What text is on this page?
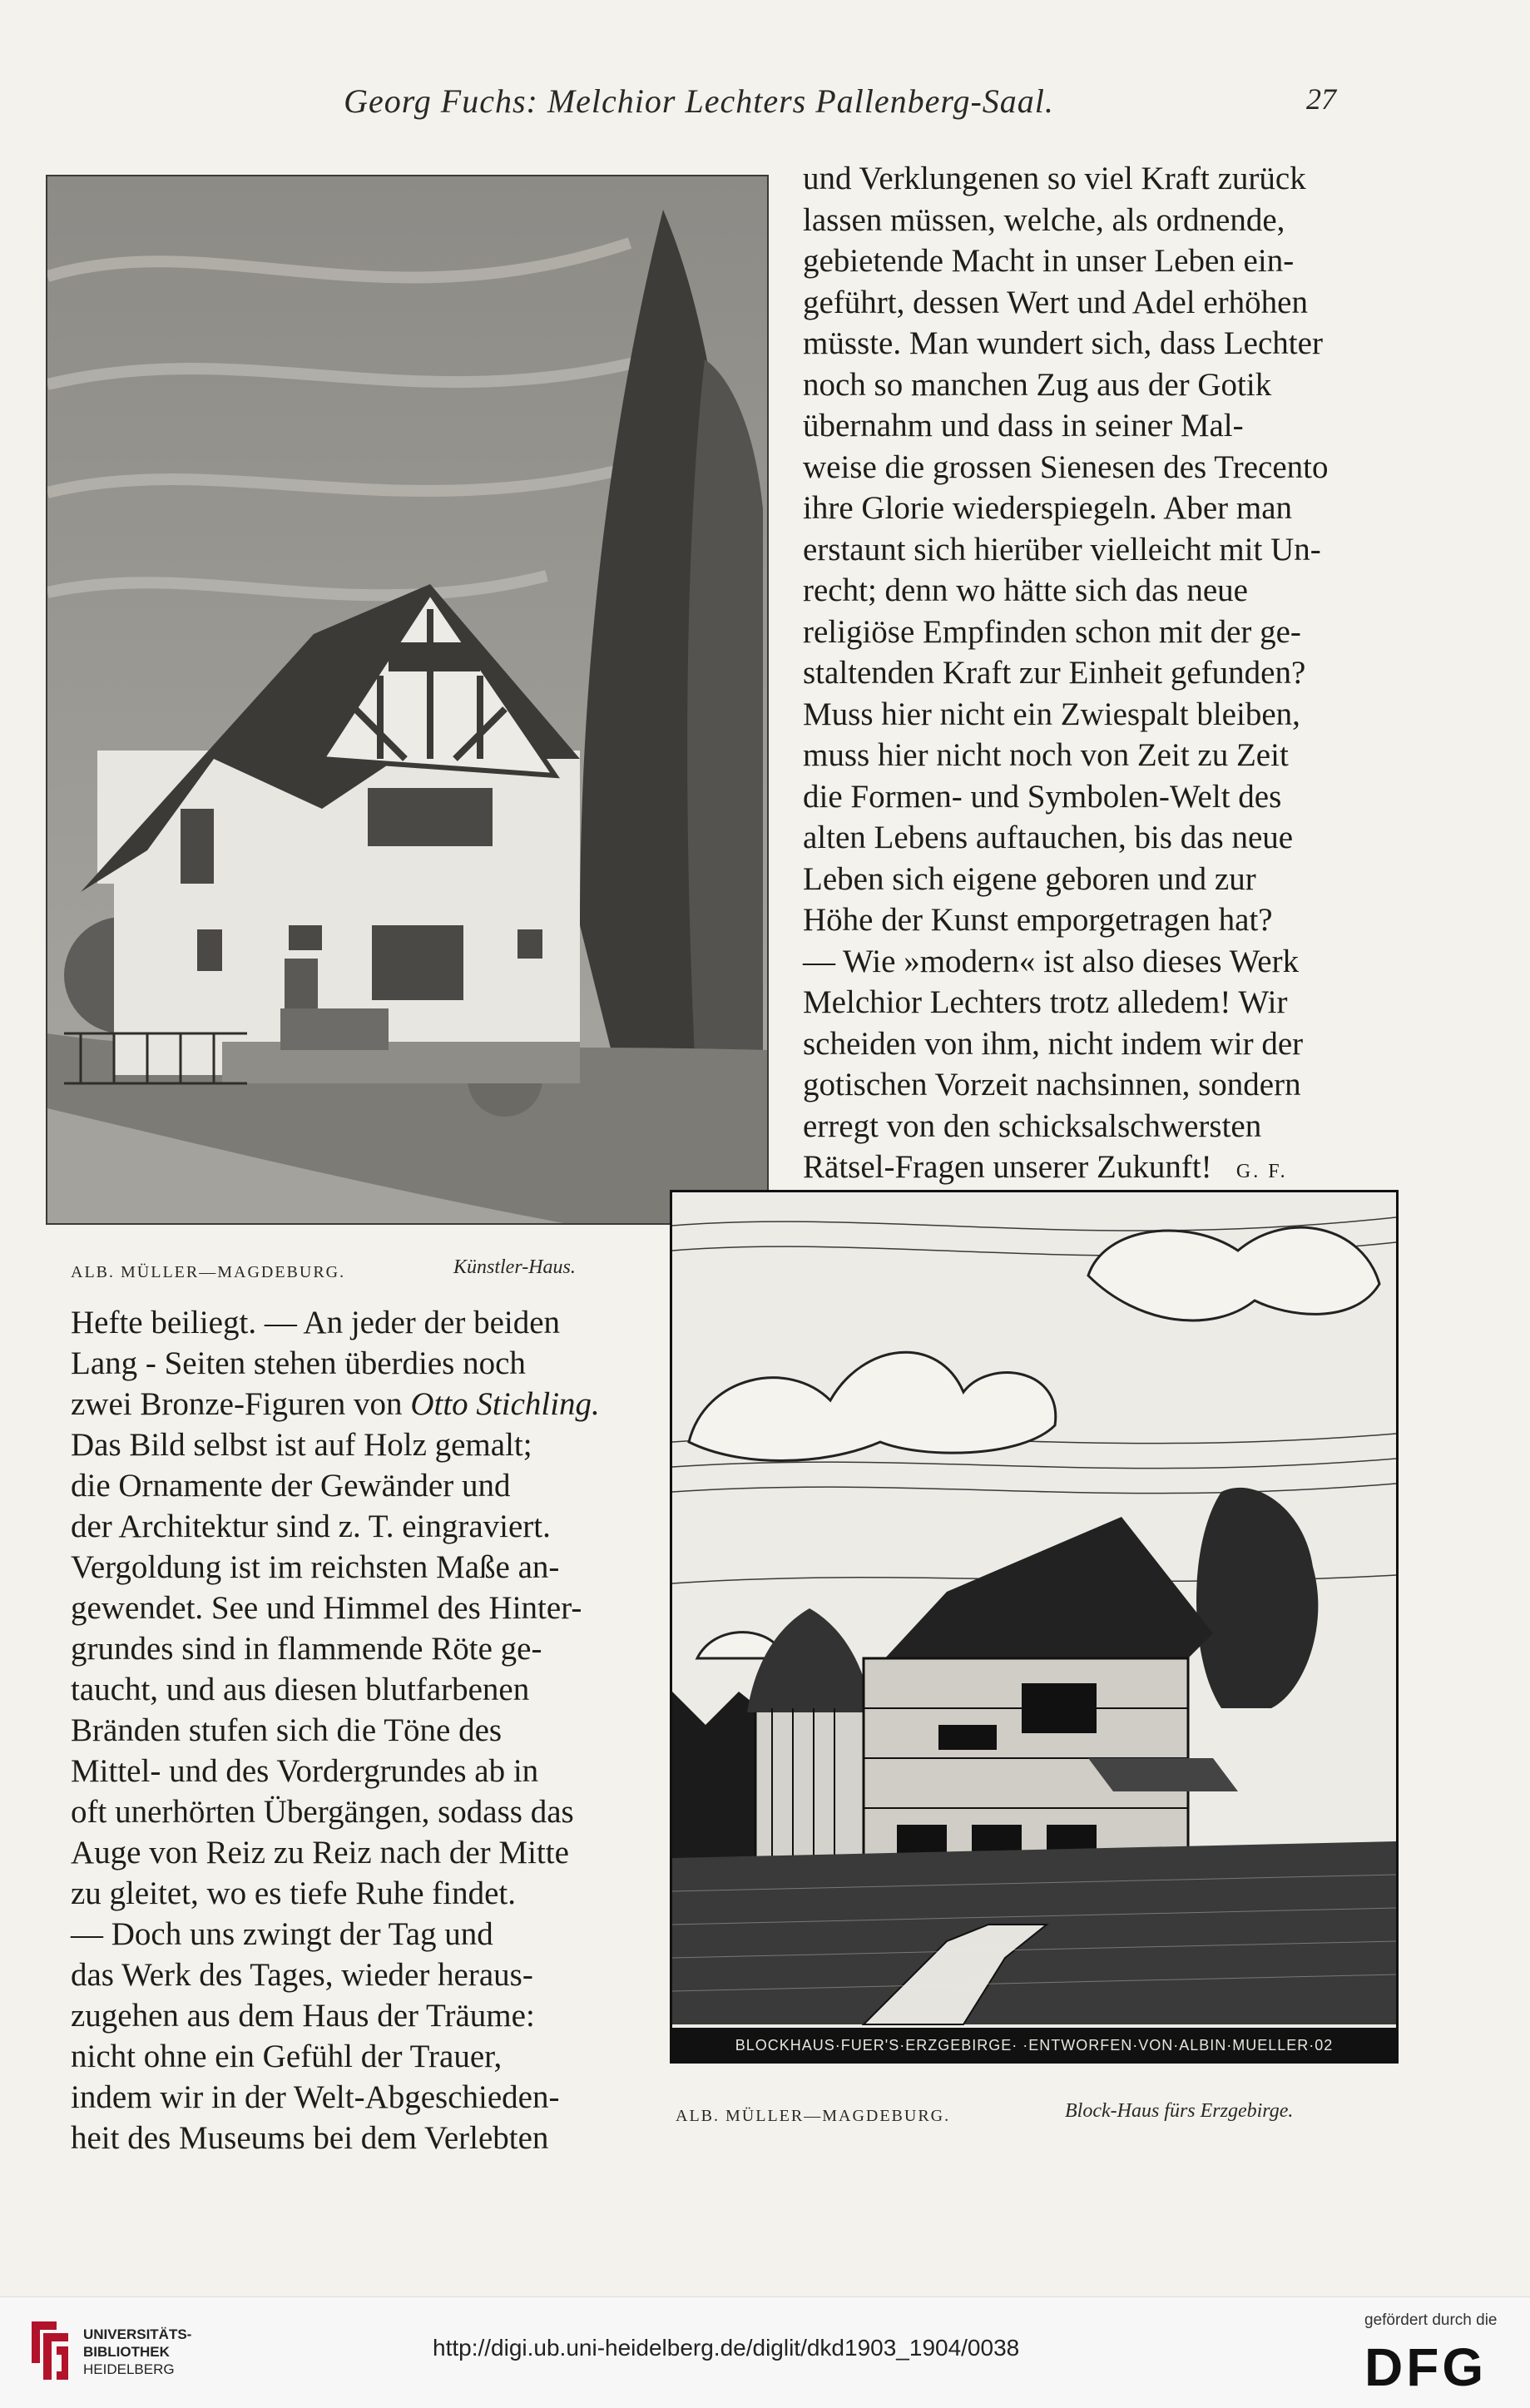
Georg Fuchs: Melchior Lechters Pallenberg-Saal.	27
ALB. MÜLLER—MAGDEBURG.	Künstler-Haus.
und Verklungenen so viel Kraft zurück
lassen müssen, welche, als ordnende,
gebietende Macht in unser Leben ein-
geführt, dessen Wert und Adel erhöhen
müsste. Man wundert sich, dass Lechter
noch so manchen Zug aus der Gotik
übernahm und dass in seiner Mal-
weise die grossen Sienesen des Trecento
ihre Glorie wiederspiegeln. Aber man
erstaunt sich hierüber vielleicht mit Un-
recht; denn wo hätte sich das neue
religiöse Empfinden schon mit der ge-
staltenden Kraft zur Einheit gefunden?
Muss hier nicht ein Zwiespalt bleiben,
muss hier nicht noch von Zeit zu Zeit
die Formen- und Symbolen-Welt des
alten Lebens auftauchen, bis das neue
Leben sich eigene geboren und zur
Höhe der Kunst emporgetragen hat?
— Wie »modern« ist also dieses Werk
Melchior Lechters trotz alledem! Wir
scheiden von ihm, nicht indem wir der
gotischen Vorzeit nachsinnen, sondern
erregt von den schicksalschwersten
Rätsel-Fragen unserer Zukunft! G. F.
BLOCKHAUS·FUER'S·ERZGEBIRGE· ·ENTWORFEN·VON·ALBIN·MUELLER·02
ALB. MÜLLER—MAGDEBURG.	Block-Haus fürs Erzgebirge.
Hefte beiliegt. — An jeder der beiden
Lang - Seiten stehen überdies noch
zwei Bronze-Figuren von Otto Stichling.
Das Bild selbst ist auf Holz gemalt;
die Ornamente der Gewänder und
der Architektur sind z. T. eingraviert.
Vergoldung ist im reichsten Maße an-
gewendet. See und Himmel des Hinter-
grundes sind in flammende Röte ge-
taucht, und aus diesen blutfarbenen
Bränden stufen sich die Töne des
Mittel- und des Vordergrundes ab in
oft unerhörten Übergängen, sodass das
Auge von Reiz zu Reiz nach der Mitte
zu gleitet, wo es tiefe Ruhe findet.
— Doch uns zwingt der Tag und
das Werk des Tages, wieder heraus-
zugehen aus dem Haus der Träume:
nicht ohne ein Gefühl der Trauer,
indem wir in der Welt-Abgeschieden-
heit des Museums bei dem Verlebten
UNIVERSITÄTS-
BIBLIOTHEK
HEIDELBERG
http://digi.ub.uni-heidelberg.de/diglit/dkd1903_1904/0038
gefördert durch die
DFG
